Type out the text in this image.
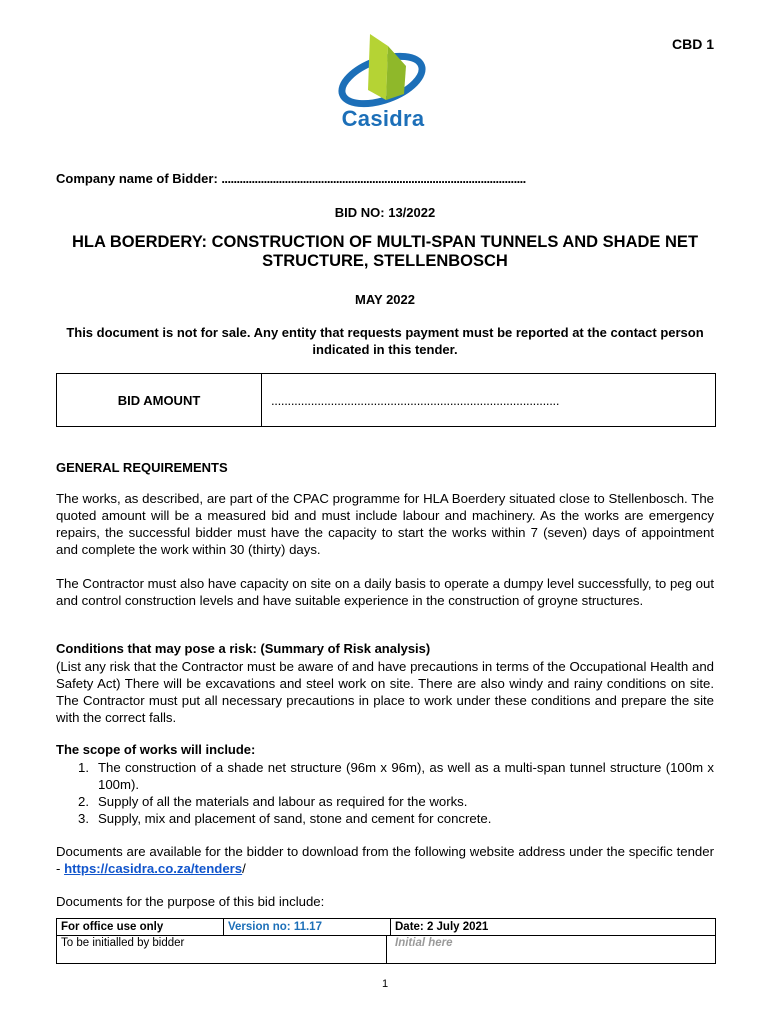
CBD 1
Casidra
Company name of Bidder: .....................................................................................................
BID NO: 13/2022
HLA BOERDERY: CONSTRUCTION OF MULTI-SPAN TUNNELS AND SHADE NET STRUCTURE, STELLENBOSCH
MAY 2022
This document is not for sale. Any entity that requests payment must be reported at the contact person indicated in this tender.
BID AMOUNT	.......................................................................................
GENERAL REQUIREMENTS
The works, as described, are part of the CPAC programme for HLA Boerdery situated close to Stellenbosch. The quoted amount will be a measured bid and must include labour and machinery. As the works are emergency repairs, the successful bidder must have the capacity to start the works within 7 (seven) days of appointment and complete the work within 30 (thirty) days.
The Contractor must also have capacity on site on a daily basis to operate a dumpy level successfully, to peg out and control construction levels and have suitable experience in the construction of groyne structures.
Conditions that may pose a risk: (Summary of Risk analysis)
(List any risk that the Contractor must be aware of and have precautions in terms of the Occupational Health and Safety Act) There will be excavations and steel work on site. There are also windy and rainy conditions on site. The Contractor must put all necessary precautions in place to work under these conditions and prepare the site with the correct falls.
The scope of works will include:
1. The construction of a shade net structure (96m x 96m), as well as a multi-span tunnel structure (100m x 100m).
2. Supply of all the materials and labour as required for the works.
3. Supply, mix and placement of sand, stone and cement for concrete.
Documents are available for the bidder to download from the following website address under the specific tender - https://casidra.co.za/tenders/
Documents for the purpose of this bid include:
For office use only	Version no: 11.17	Date: 2 July 2021
To be initialled by bidder	Initial here
1
